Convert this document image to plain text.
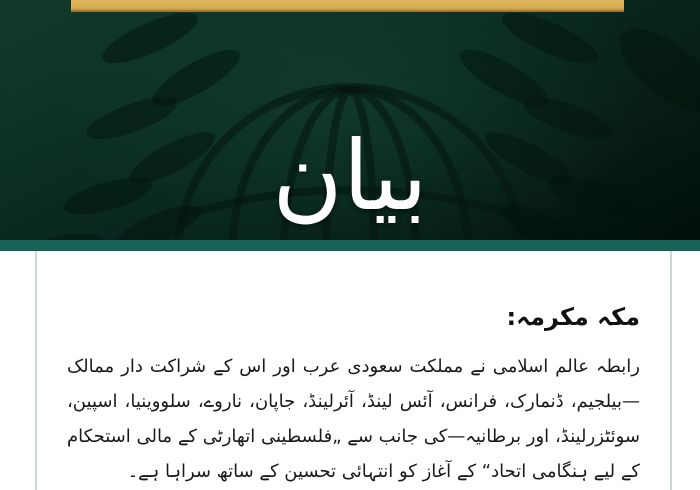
بيان
مکہ مکرمہ:

رابطہ عالم اسلامی نے مملکت سعودی عرب اور اس کے شراکت دار ممالک—بیلجیم، ڈنمارک، فرانس، آئس لینڈ، آئرلینڈ، جاپان، ناروے، سلووینیا، اسپین، سوئٹزرلینڈ، اور برطانیہ—کی جانب سے „فلسطینی اتھارٹی کے مالی استحکام کے لیے ہنگامی اتحاد“ کے آغاز کو انتہائی تحسین کے ساتھ سراہا ہے۔
